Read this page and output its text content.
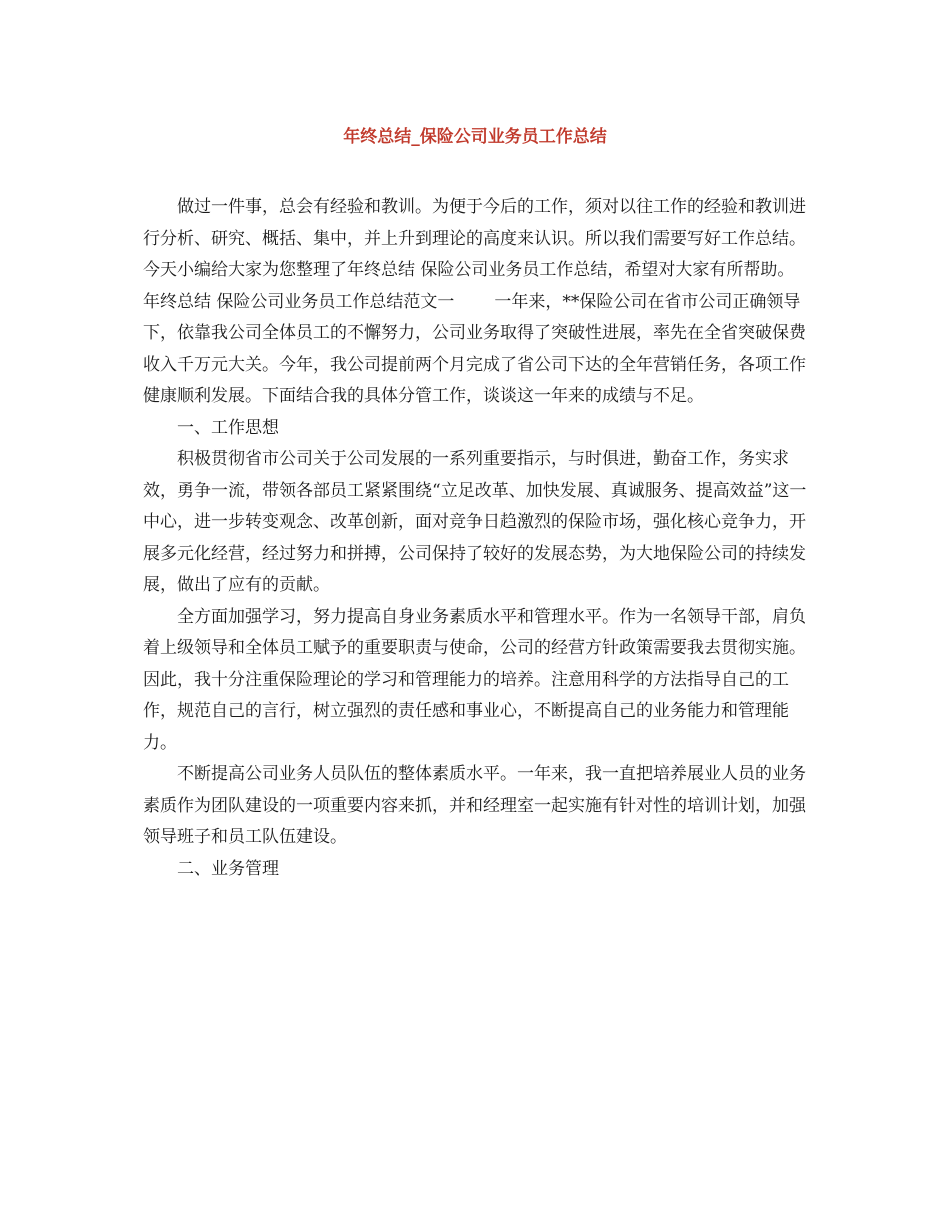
年终总结_保险公司业务员工作总结

做过一件事，总会有经验和教训。为便于今后的工作，须对以往工作的经验和教训进行分析、研究、概括、集中，并上升到理论的高度来认识。所以我们需要写好工作总结。今天小编给大家为您整理了年终总结 保险公司业务员工作总结，希望对大家有所帮助。

年终总结 保险公司业务员工作总结范文一 一年来，**保险公司在省市公司正确领导下，依靠我公司全体员工的不懈努力，公司业务取得了突破性进展，率先在全省突破保费收入千万元大关。今年，我公司提前两个月完成了省公司下达的全年营销任务，各项工作健康顺利发展。下面结合我的具体分管工作，谈谈这一年来的成绩与不足。

一、工作思想

积极贯彻省市公司关于公司发展的一系列重要指示，与时俱进，勤奋工作，务实求效，勇争一流，带领各部员工紧紧围绕“立足改革、加快发展、真诚服务、提高效益”这一中心，进一步转变观念、改革创新，面对竞争日趋激烈的保险市场，强化核心竞争力，开展多元化经营，经过努力和拼搏，公司保持了较好的发展态势，为大地保险公司的持续发展，做出了应有的贡献。

全方面加强学习，努力提高自身业务素质水平和管理水平。作为一名领导干部，肩负着上级领导和全体员工赋予的重要职责与使命，公司的经营方针政策需要我去贯彻实施。因此，我十分注重保险理论的学习和管理能力的培养。注意用科学的方法指导自己的工作，规范自己的言行，树立强烈的责任感和事业心，不断提高自己的业务能力和管理能力。

不断提高公司业务人员队伍的整体素质水平。一年来，我一直把培养展业人员的业务素质作为团队建设的一项重要内容来抓，并和经理室一起实施有针对性的培训计划，加强领导班子和员工队伍建设。

二、业务管理
